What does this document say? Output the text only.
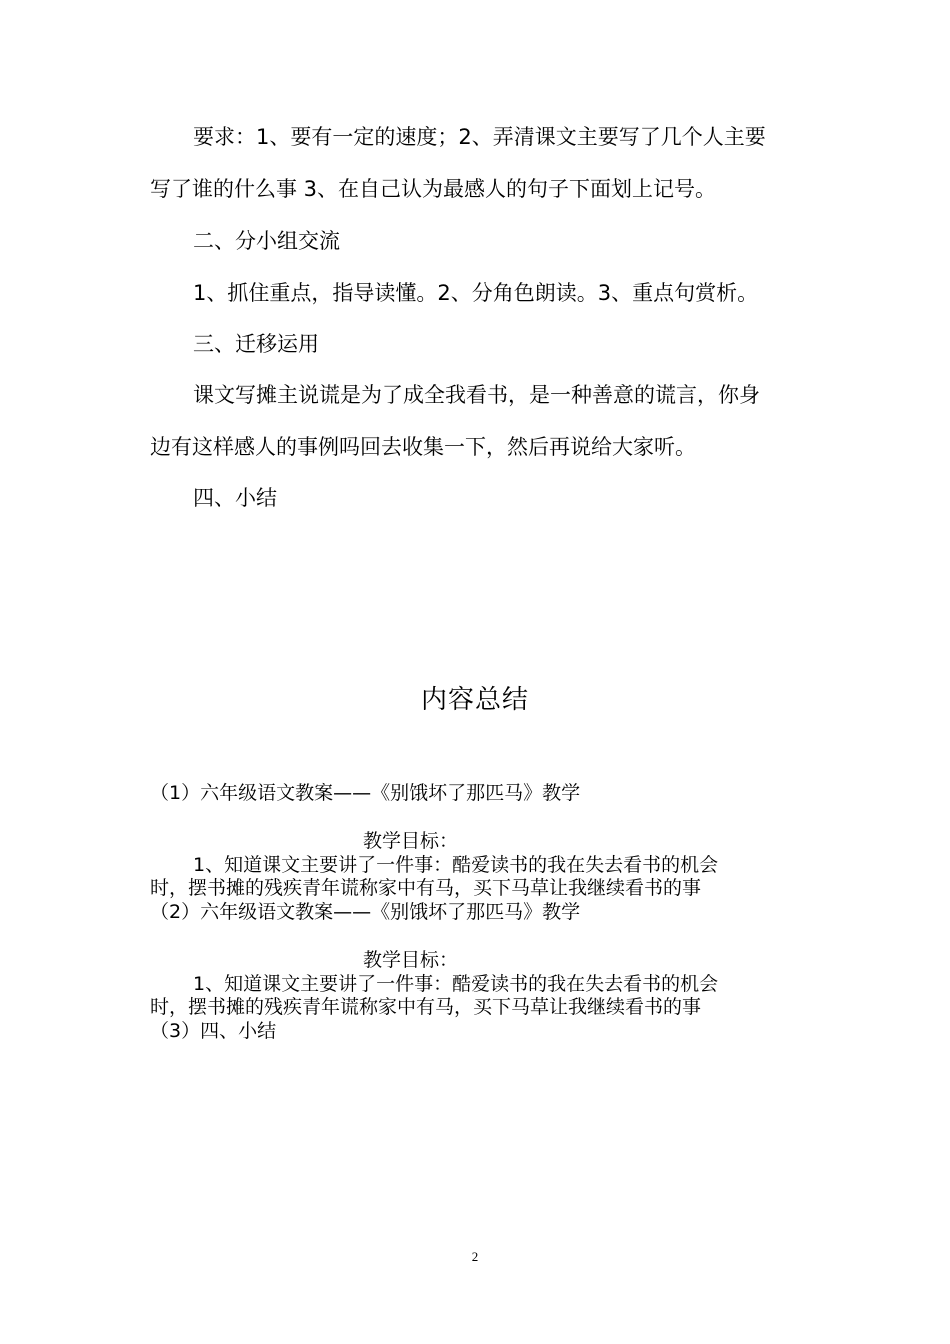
要求：1、要有一定的速度；2、弄清课文主要写了几个人主要
写了谁的什么事 3、在自己认为最感人的句子下面划上记号。
二、分小组交流
1、抓住重点，指导读懂。2、分角色朗读。3、重点句赏析。
三、迁移运用
课文写摊主说谎是为了成全我看书，是一种善意的谎言，你身
边有这样感人的事例吗回去收集一下，然后再说给大家听。
四、小结
内容总结
（1）六年级语文教案——《别饿坏了那匹马》教学
教学目标：
1、知道课文主要讲了一件事：酷爱读书的我在失去看书的机会
时，摆书摊的残疾青年谎称家中有马，买下马草让我继续看书的事
（2）六年级语文教案——《别饿坏了那匹马》教学
教学目标：
1、知道课文主要讲了一件事：酷爱读书的我在失去看书的机会
时，摆书摊的残疾青年谎称家中有马，买下马草让我继续看书的事
（3）四、小结
2
